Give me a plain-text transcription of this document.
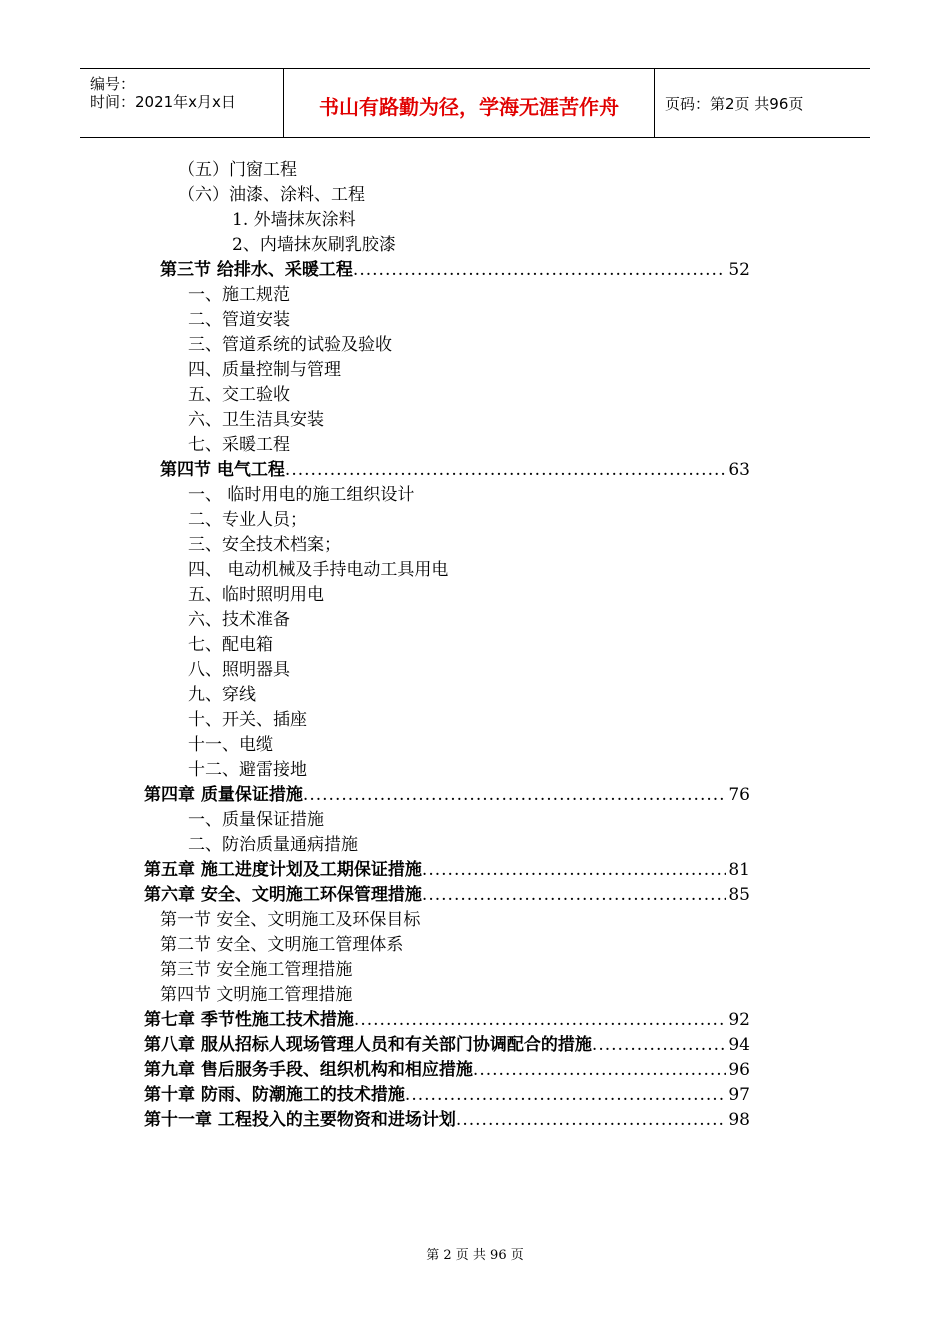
编号：
时间：2021年x月x日	书山有路勤为径，学海无涯苦作舟	页码：第2页 共96页
（五）门窗工程
（六）油漆、涂料、工程
1. 外墙抹灰涂料
2、内墙抹灰刷乳胶漆
第三节 给排水、采暖工程 .....	52
一、施工规范
二、管道安装
三、管道系统的试验及验收
四、质量控制与管理
五、交工验收
六、卫生洁具安装
七、采暖工程
第四节 电气工程 .....	63
一、 临时用电的施工组织设计
二、专业人员；
三、安全技术档案；
四、 电动机械及手持电动工具用电
五、临时照明用电
六、技术准备
七、配电箱
八、照明器具
九、穿线
十、开关、插座
十一、电缆
十二、避雷接地
第四章 质量保证措施 .....	76
一、质量保证措施
二、防治质量通病措施
第五章 施工进度计划及工期保证措施 .....	81
第六章 安全、文明施工环保管理措施 .....	85
第一节 安全、文明施工及环保目标
第二节 安全、文明施工管理体系
第三节 安全施工管理措施
第四节 文明施工管理措施
第七章 季节性施工技术措施 .....	92
第八章 服从招标人现场管理人员和有关部门协调配合的措施 .....	94
第九章 售后服务手段、组织机构和相应措施 .....	96
第十章 防雨、防潮施工的技术措施 .....	97
第十一章 工程投入的主要物资和进场计划 .....	98
第 2 页 共 96 页
